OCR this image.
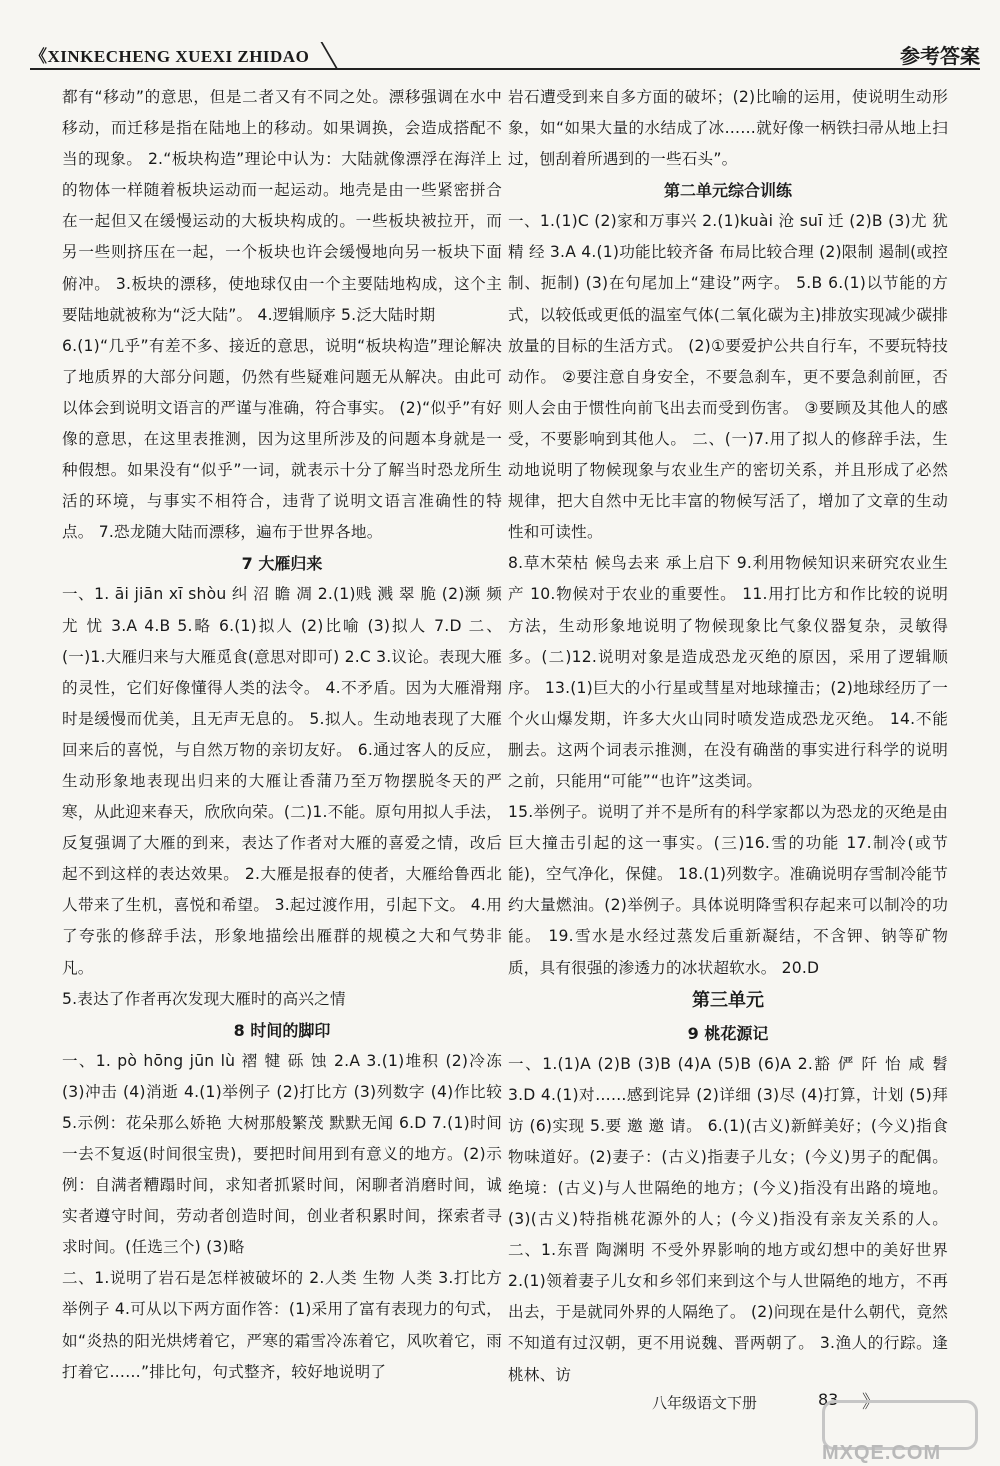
《XINKECHENG XUEXI ZHIDAO	参考答案

都有“移动”的意思，但是二者又有不同之处。漂移强调在水中移动，而迁移是指在陆地上的移动。如果调换，会造成搭配不当的现象。 2.“板块构造”理论中认为：大陆就像漂浮在海洋上的物体一样随着板块运动而一起运动。地壳是由一些紧密拼合在一起但又在缓慢运动的大板块构成的。一些板块被拉开，而另一些则挤压在一起，一个板块也许会缓慢地向另一板块下面俯冲。 3.板块的漂移，使地球仅由一个主要陆地构成，这个主要陆地就被称为“泛大陆”。 4.逻辑顺序 5.泛大陆时期

6.(1)“几乎”有差不多、接近的意思，说明“板块构造”理论解决了地质界的大部分问题，仍然有些疑难问题无从解决。由此可以体会到说明文语言的严谨与准确，符合事实。 (2)“似乎”有好像的意思，在这里表推测，因为这里所涉及的问题本身就是一种假想。如果没有“似乎”一词，就表示十分了解当时恐龙所生活的环境，与事实不相符合，违背了说明文语言准确性的特点。 7.恐龙随大陆而漂移，遍布于世界各地。

7 大雁归来

一、1. āi jiān xī shòu 纠 沼 瞻 凋 2.(1)贱 溅 翠 脆 (2)濒 频 尤 忧 3.A 4.B 5.略 6.(1)拟人 (2)比喻 (3)拟人 7.D 二、(一)1.大雁归来与大雁觅食(意思对即可) 2.C 3.议论。表现大雁的灵性，它们好像懂得人类的法令。 4.不矛盾。因为大雁滑翔时是缓慢而优美，且无声无息的。 5.拟人。生动地表现了大雁回来后的喜悦，与自然万物的亲切友好。 6.通过客人的反应，生动形象地表现出归来的大雁让香蒲乃至万物摆脱冬天的严寒，从此迎来春天，欣欣向荣。(二)1.不能。原句用拟人手法，反复强调了大雁的到来，表达了作者对大雁的喜爱之情，改后起不到这样的表达效果。 2.大雁是报春的使者，大雁给鲁西北人带来了生机，喜悦和希望。 3.起过渡作用，引起下文。 4.用了夸张的修辞手法，形象地描绘出雁群的规模之大和气势非凡。

5.表达了作者再次发现大雁时的高兴之情

8 时间的脚印

一、1. pò hōng jūn lù 褶 犍 砾 蚀 2.A 3.(1)堆积 (2)冷冻 (3)冲击 (4)消逝 4.(1)举例子 (2)打比方 (3)列数字 (4)作比较 5.示例：花朵那么娇艳 大树那般繁茂 默默无闻 6.D 7.(1)时间一去不复返(时间很宝贵)，要把时间用到有意义的地方。(2)示例：自满者糟蹋时间，求知者抓紧时间，闲聊者消磨时间，诚实者遵守时间，劳动者创造时间，创业者积累时间，探索者寻求时间。(任选三个) (3)略

二、1.说明了岩石是怎样被破坏的 2.人类 生物 人类 3.打比方 举例子 4.可从以下两方面作答：(1)采用了富有表现力的句式，如“炎热的阳光烘烤着它，严寒的霜雪冷冻着它，风吹着它，雨打着它……”排比句，句式整齐，较好地说明了

岩石遭受到来自多方面的破坏；(2)比喻的运用，使说明生动形象，如“如果大量的水结成了冰……就好像一柄铁扫帚从地上扫过，刨刮着所遇到的一些石头”。

第二单元综合训练

一、1.(1)C (2)家和万事兴 2.(1)kuài 沧 suī 迁 (2)B (3)尤 犹 精 经 3.A 4.(1)功能比较齐备 布局比较合理 (2)限制 遏制(或控制、扼制) (3)在句尾加上“建设”两字。 5.B 6.(1)以节能的方式，以较低或更低的温室气体(二氧化碳为主)排放实现减少碳排放量的目标的生活方式。 (2)①要爱护公共自行车，不要玩特技动作。 ②要注意自身安全，不要急刹车，更不要急刹前匣，否则人会由于惯性向前飞出去而受到伤害。 ③要顾及其他人的感受，不要影响到其他人。 二、(一)7.用了拟人的修辞手法，生动地说明了物候现象与农业生产的密切关系，并且形成了必然规律，把大自然中无比丰富的物候写活了，增加了文章的生动性和可读性。

8.草木荣枯 候鸟去来 承上启下 9.利用物候知识来研究农业生产 10.物候对于农业的重要性。 11.用打比方和作比较的说明方法，生动形象地说明了物候现象比气象仪器复杂，灵敏得多。(二)12.说明对象是造成恐龙灭绝的原因，采用了逻辑顺序。 13.(1)巨大的小行星或彗星对地球撞击；(2)地球经历了一个火山爆发期，许多大火山同时喷发造成恐龙灭绝。 14.不能删去。这两个词表示推测，在没有确凿的事实进行科学的说明之前，只能用“可能”“也许”这类词。

15.举例子。说明了并不是所有的科学家都以为恐龙的灭绝是由巨大撞击引起的这一事实。(三)16.雪的功能 17.制冷(或节能)，空气净化，保健。 18.(1)列数字。准确说明存雪制冷能节约大量燃油。(2)举例子。具体说明降雪积存起来可以制冷的功能。 19.雪水是水经过蒸发后重新凝结，不含钾、钠等矿物质，具有很强的渗透力的冰状超软水。 20.D

第三单元

9 桃花源记

一、1.(1)A (2)B (3)B (4)A (5)B (6)A 2.豁 俨 阡 怡 咸 髫 3.D 4.(1)对……感到诧异 (2)详细 (3)尽 (4)打算，计划 (5)拜访 (6)实现 5.要 邀 邀 请。 6.(1)(古义)新鲜美好；(今义)指食物味道好。(2)妻子：(古义)指妻子儿女；(今义)男子的配偶。 绝境：(古义)与人世隔绝的地方；(今义)指没有出路的境地。 (3)(古义)特指桃花源外的人；(今义)指没有亲友关系的人。 二、1.东晋 陶渊明 不受外界影响的地方或幻想中的美好世界 2.(1)领着妻子儿女和乡邻们来到这个与人世隔绝的地方，不再出去，于是就同外界的人隔绝了。 (2)问现在是什么朝代，竟然不知道有过汉朝，更不用说魏、晋两朝了。 3.渔人的行踪。逢桃林、访

八年级语文下册	83 》
MXQE.COM
